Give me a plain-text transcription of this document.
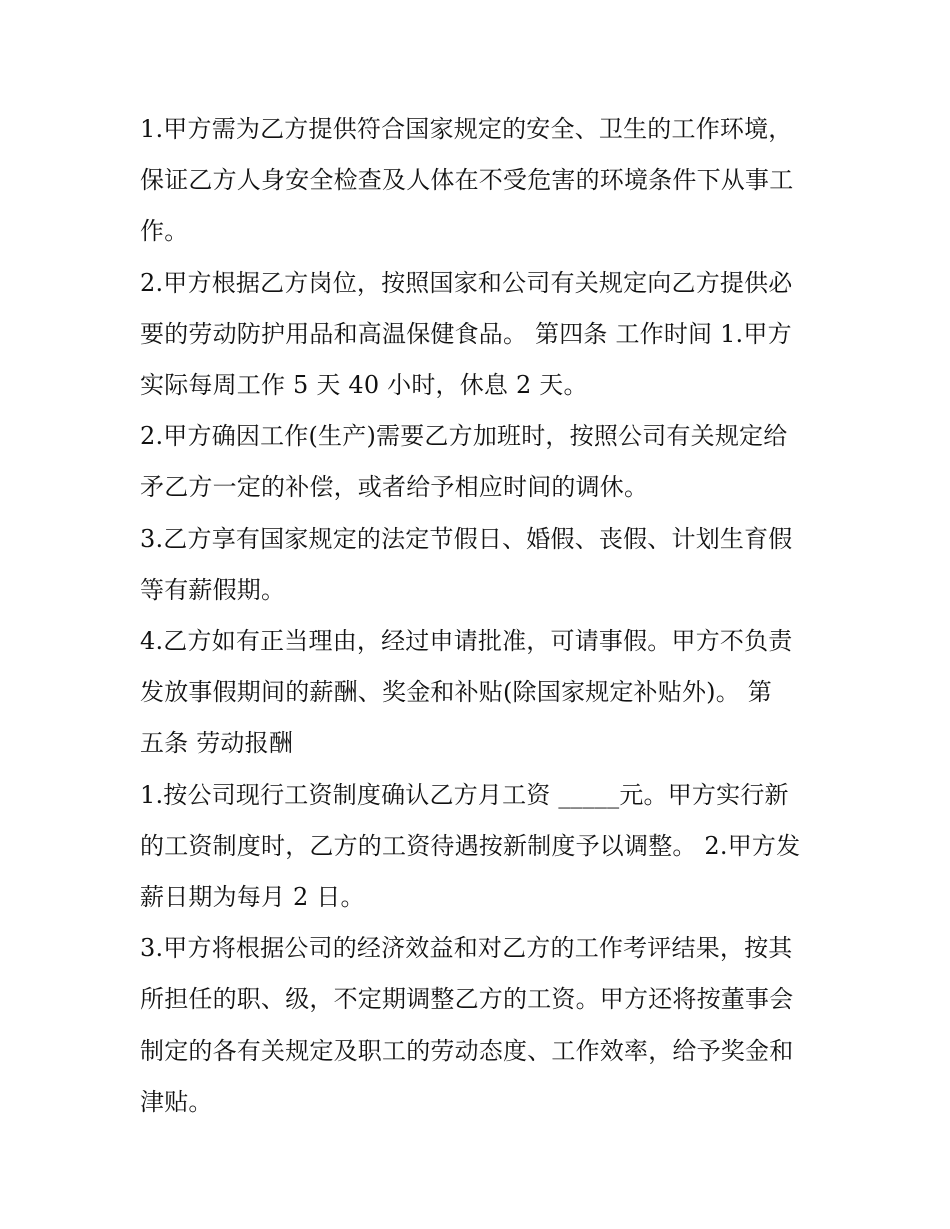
1.甲方需为乙方提供符合国家规定的安全、卫生的工作环境，
保证乙方人身安全检查及人体在不受危害的环境条件下从事工
作。

2.甲方根据乙方岗位，按照国家和公司有关规定向乙方提供必
要的劳动防护用品和高温保健食品。 第四条 工作时间 1.甲方
实际每周工作 5 天 40 小时，休息 2 天。

2.甲方确因工作(生产)需要乙方加班时，按照公司有关规定给
矛乙方一定的补偿，或者给予相应时间的调休。

3.乙方享有国家规定的法定节假日、婚假、丧假、计划生育假
等有薪假期。

4.乙方如有正当理由，经过申请批准，可请事假。甲方不负责
发放事假期间的薪酬、奖金和补贴(除国家规定补贴外)。 第
五条 劳动报酬

1.按公司现行工资制度确认乙方月工资 _____元。甲方实行新
的工资制度时，乙方的工资待遇按新制度予以调整。 2.甲方发
薪日期为每月 2 日。

3.甲方将根据公司的经济效益和对乙方的工作考评结果，按其
所担任的职、级，不定期调整乙方的工资。甲方还将按董事会
制定的各有关规定及职工的劳动态度、工作效率，给予奖金和
津贴。
